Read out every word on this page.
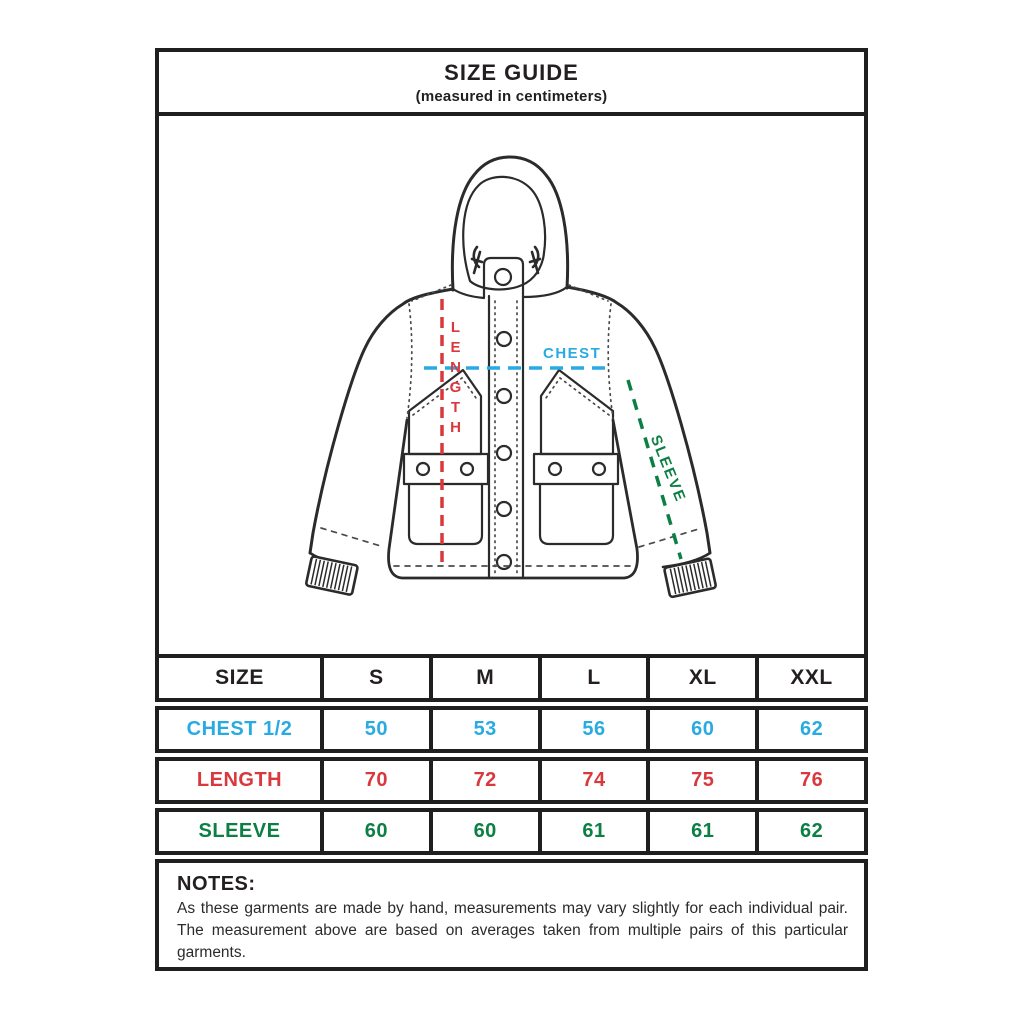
SIZE GUIDE
(measured in centimeters)
CHEST
LENGTH
SLEEVE
SIZE	S	M	L	XL	XXL
CHEST 1/2	50	53	56	60	62
LENGTH	70	72	74	75	76
SLEEVE	60	60	61	61	62
NOTES:
As these garments are made by hand, measurements may vary slightly for each individual pair. The measurement above are based on averages taken from multiple pairs of this particular garments.
